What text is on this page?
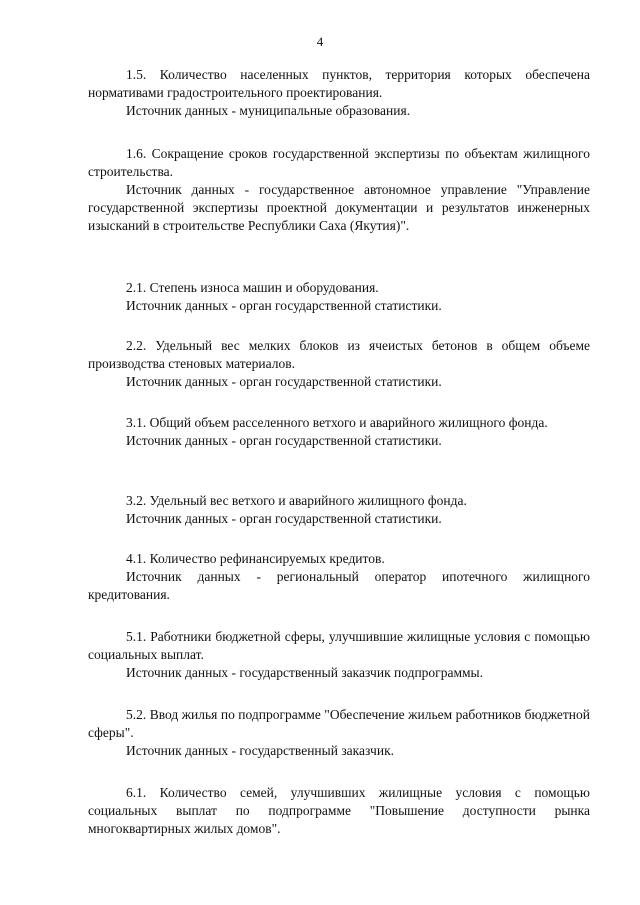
4

1.5. Количество населенных пунктов, территория которых обеспечена нормативами градостроительного проектирования.

Источник данных - муниципальные образования.

1.6. Сокращение сроков государственной экспертизы по объектам жилищного строительства.

Источник данных - государственное автономное управление "Управление государственной экспертизы проектной документации и результатов инженерных изысканий в строительстве Республики Саха (Якутия)".

2.1. Степень износа машин и оборудования.

Источник данных - орган государственной статистики.

2.2. Удельный вес мелких блоков из ячеистых бетонов в общем объеме производства стеновых материалов.

Источник данных - орган государственной статистики.

3.1. Общий объем расселенного ветхого и аварийного жилищного фонда.

Источник данных - орган государственной статистики.

3.2. Удельный вес ветхого и аварийного жилищного фонда.

Источник данных - орган государственной статистики.

4.1. Количество рефинансируемых кредитов.

Источник данных - региональный оператор ипотечного жилищного кредитования.

5.1. Работники бюджетной сферы, улучшившие жилищные условия с помощью социальных выплат.

Источник данных - государственный заказчик подпрограммы.

5.2. Ввод жилья по подпрограмме "Обеспечение жильем работников бюджетной сферы".

Источник данных - государственный заказчик.

6.1. Количество семей, улучшивших жилищные условия с помощью социальных выплат по подпрограмме "Повышение доступности рынка многоквартирных жилых домов".
